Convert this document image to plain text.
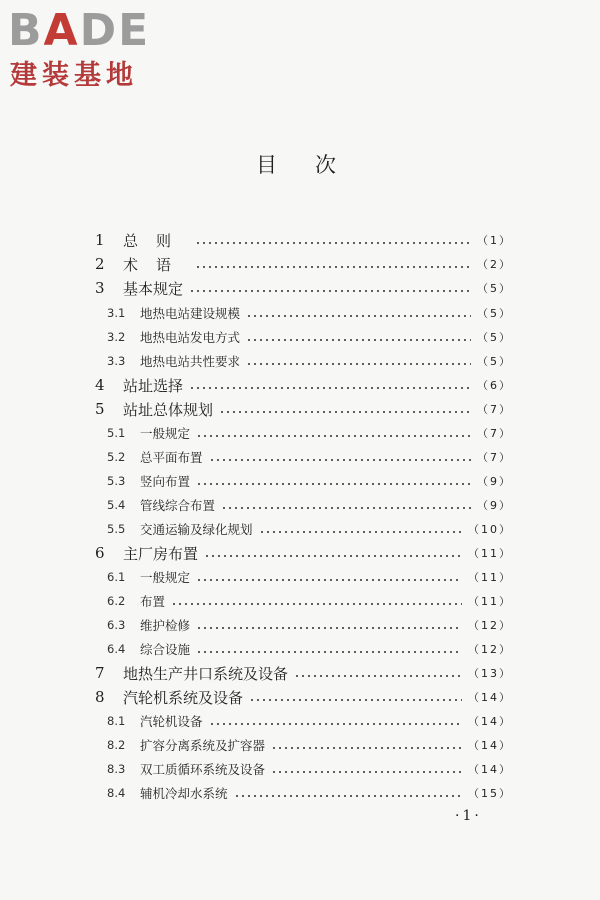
BADE
建装基地
目次
1	总则	（1）
2	术语	（2）
3	基本规定	（5）
3.1	地热电站建设规模	（5）
3.2	地热电站发电方式	（5）
3.3	地热电站共性要求	（5）
4	站址选择	（6）
5	站址总体规划	（7）
5.1	一般规定	（7）
5.2	总平面布置	（7）
5.3	竖向布置	（9）
5.4	管线综合布置	（9）
5.5	交通运输及绿化规划	（10）
6	主厂房布置	（11）
6.1	一般规定	（11）
6.2	布置	（11）
6.3	维护检修	（12）
6.4	综合设施	（12）
7	地热生产井口系统及设备	（13）
8	汽轮机系统及设备	（14）
8.1	汽轮机设备	（14）
8.2	扩容分离系统及扩容器	（14）
8.3	双工质循环系统及设备	（14）
8.4	辅机冷却水系统	（15）
·1·
